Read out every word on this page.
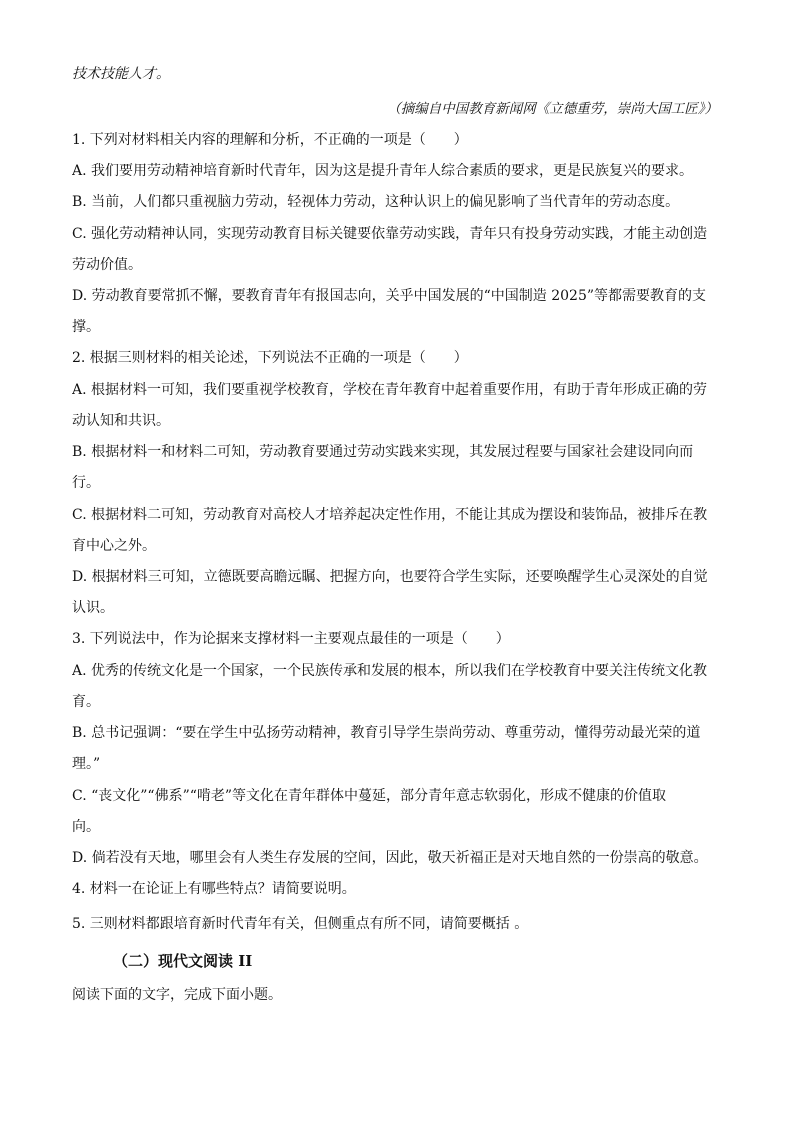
技术技能人才。
（摘编自中国教育新闻网《立德重劳，崇尚大国工匠》）
1. 下列对材料相关内容的理解和分析，不正确的一项是（　　）
A. 我们要用劳动精神培育新时代青年，因为这是提升青年人综合素质的要求，更是民族复兴的要求。
B. 当前，人们都只重视脑力劳动，轻视体力劳动，这种认识上的偏见影响了当代青年的劳动态度。
C. 强化劳动精神认同，实现劳动教育目标关键要依靠劳动实践，青年只有投身劳动实践，才能主动创造
劳动价值。
D. 劳动教育要常抓不懈，要教育青年有报国志向，关乎中国发展的“中国制造 2025”等都需要教育的支
撑。
2. 根据三则材料的相关论述，下列说法不正确的一项是（　　）
A. 根据材料一可知，我们要重视学校教育，学校在青年教育中起着重要作用，有助于青年形成正确的劳
动认知和共识。
B. 根据材料一和材料二可知，劳动教育要通过劳动实践来实现，其发展过程要与国家社会建设同向而
行。
C. 根据材料二可知，劳动教育对高校人才培养起决定性作用，不能让其成为摆设和装饰品，被排斥在教
育中心之外。
D. 根据材料三可知，立德既要高瞻远瞩、把握方向，也要符合学生实际，还要唤醒学生心灵深处的自觉
认识。
3. 下列说法中，作为论据来支撑材料一主要观点最佳的一项是（　　）
A. 优秀的传统文化是一个国家，一个民族传承和发展的根本，所以我们在学校教育中要关注传统文化教
育。
B. 总书记强调：“要在学生中弘扬劳动精神，教育引导学生崇尚劳动、尊重劳动，懂得劳动最光荣的道
理。”
C. “丧文化”“佛系”“啃老”等文化在青年群体中蔓延，部分青年意志软弱化，形成不健康的价值取
向。
D. 倘若没有天地，哪里会有人类生存发展的空间，因此，敬天祈福正是对天地自然的一份崇高的敬意。
4. 材料一在论证上有哪些特点？请简要说明。
5. 三则材料都跟培育新时代青年有关，但侧重点有所不同，请简要概括 。
（二）现代文阅读 II
阅读下面的文字，完成下面小题。
